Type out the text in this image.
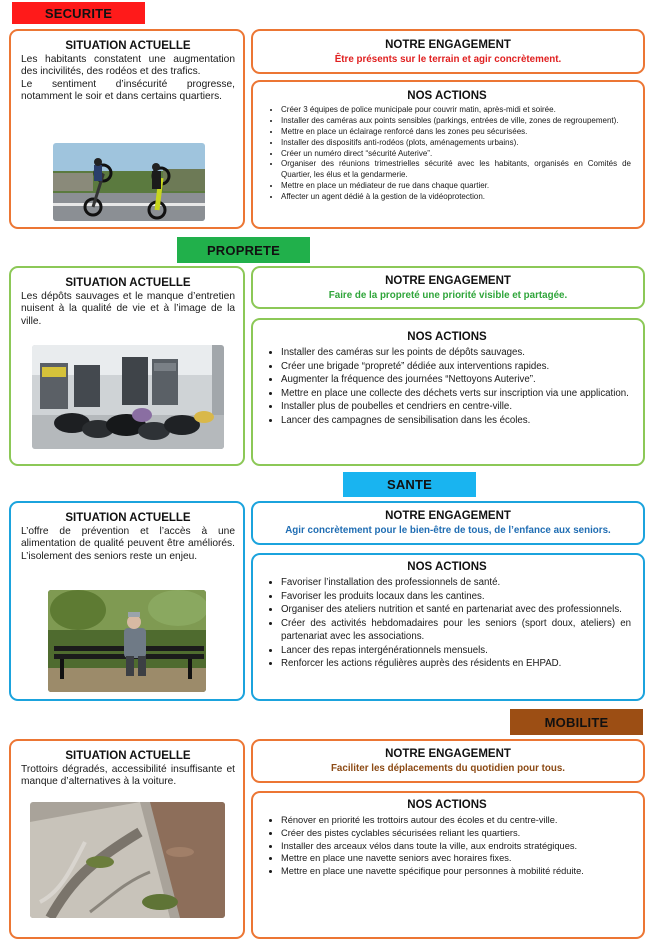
SECURITE
SITUATION ACTUELLE

Les habitants constatent une augmentation des incivilités, des rodéos et des trafics.

Le sentiment d’insécurité progresse, notamment le soir et dans certains quartiers.

NOTRE ENGAGEMENT
Être présents sur le terrain et agir concrètement.
NOS ACTIONS
• Créer 3 équipes de police municipale pour couvrir matin, après-midi et soirée.
• Installer des caméras aux points sensibles (parkings, entrées de ville, zones de regroupement).
• Mettre en place un éclairage renforcé dans les zones peu sécurisées.
• Installer des dispositifs anti-rodéos (plots, aménagements urbains).
• Créer un numéro direct “sécurité Auterive”.
• Organiser des réunions trimestrielles sécurité avec les habitants, organisés en Comités de Quartier, les élus et la gendarmerie.
• Mettre en place un médiateur de rue dans chaque quartier.
• Affecter un agent dédié à la gestion de la vidéoprotection.
PROPRETE
SITUATION ACTUELLE

Les dépôts sauvages et le manque d’entretien nuisent à la qualité de vie et à l’image de la ville.

NOTRE ENGAGEMENT
Faire de la propreté une priorité visible et partagée.
NOS ACTIONS
• Installer des caméras sur les points de dépôts sauvages.
• Créer une brigade “propreté” dédiée aux interventions rapides.
• Augmenter la fréquence des journées “Nettoyons Auterive”.
• Mettre en place une collecte des déchets verts sur inscription via une application.
• Installer plus de poubelles et cendriers en centre-ville.
• Lancer des campagnes de sensibilisation dans les écoles.
SANTE
SITUATION ACTUELLE

L’offre de prévention et l’accès à une alimentation de qualité peuvent être améliorés. L’isolement des seniors reste un enjeu.

NOTRE ENGAGEMENT
Agir concrètement pour le bien-être de tous, de l’enfance aux seniors.
NOS ACTIONS
• Favoriser l’installation des professionnels de santé.
• Favoriser les produits locaux dans les cantines.
• Organiser des ateliers nutrition et santé en partenariat avec des professionnels.
• Créer des activités hebdomadaires pour les seniors (sport doux, ateliers) en partenariat avec les associations.
• Lancer des repas intergénérationnels mensuels.
• Renforcer les actions régulières auprès des résidents en EHPAD.
MOBILITE
SITUATION ACTUELLE

Trottoirs dégradés, accessibilité insuffisante et manque d’alternatives à la voiture.

NOTRE ENGAGEMENT
Faciliter les déplacements du quotidien pour tous.
NOS ACTIONS
• Rénover en priorité les trottoirs autour des écoles et du centre-ville.
• Créer des pistes cyclables sécurisées reliant les quartiers.
• Installer des arceaux vélos dans toute la ville, aux endroits stratégiques.
• Mettre en place une navette seniors avec horaires fixes.
• Mettre en place une navette spécifique pour personnes à mobilité réduite.
